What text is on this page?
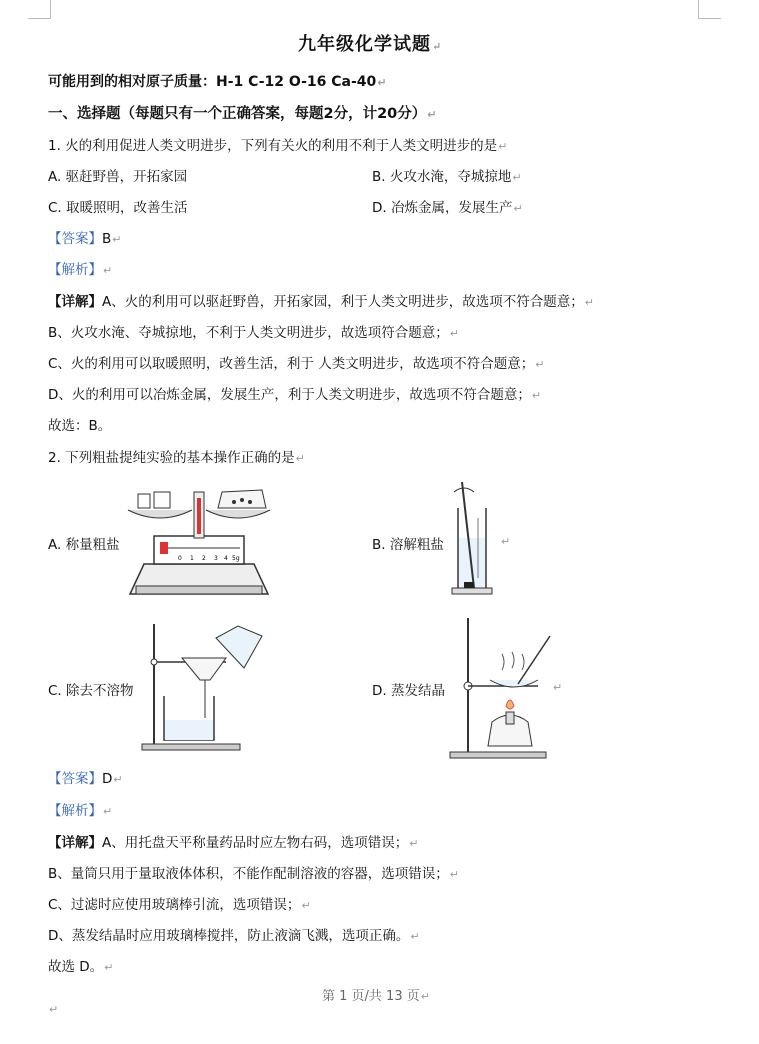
九年级化学试题↵
可能用到的相对原子质量：H-1 C-12 O-16 Ca-40↵
一、选择题（每题只有一个正确答案，每题2分，计20分）↵
1. 火的利用促进人类文明进步，下列有关火的利用不利于人类文明进步的是↵
A. 驱赶野兽，开拓家园	B. 火攻水淹，夺城掠地↵
C. 取暖照明，改善生活	D. 冶炼金属，发展生产↵
【答案】B↵
【解析】↵
【详解】A、火的利用可以驱赶野兽，开拓家园，利于人类文明进步，故选项不符合题意；↵
B、火攻水淹、夺城掠地，不利于人类文明进步，故选项符合题意；↵
C、火的利用可以取暖照明，改善生活，利于 人类文明进步，故选项不符合题意；↵
D、火的利用可以冶炼金属，发展生产，利于人类文明进步，故选项不符合题意；↵
故选：B。
2. 下列粗盐提纯实验的基本操作正确的是↵
A. 称量粗盐	B. 溶解粗盐
C. 除去不溶物	D. 蒸发结晶
0 1 2 3 4 5g
↵
↵
【答案】D↵
【解析】↵
【详解】A、用托盘天平称量药品时应左物右码，选项错误；↵
B、量筒只用于量取液体体积，不能作配制溶液的容器，选项错误；↵
C、过滤时应使用玻璃棒引流，选项错误；↵
D、蒸发结晶时应用玻璃棒搅拌，防止液滴飞溅，选项正确。↵
故选 D。↵
第 1 页/共 13 页↵
↵
